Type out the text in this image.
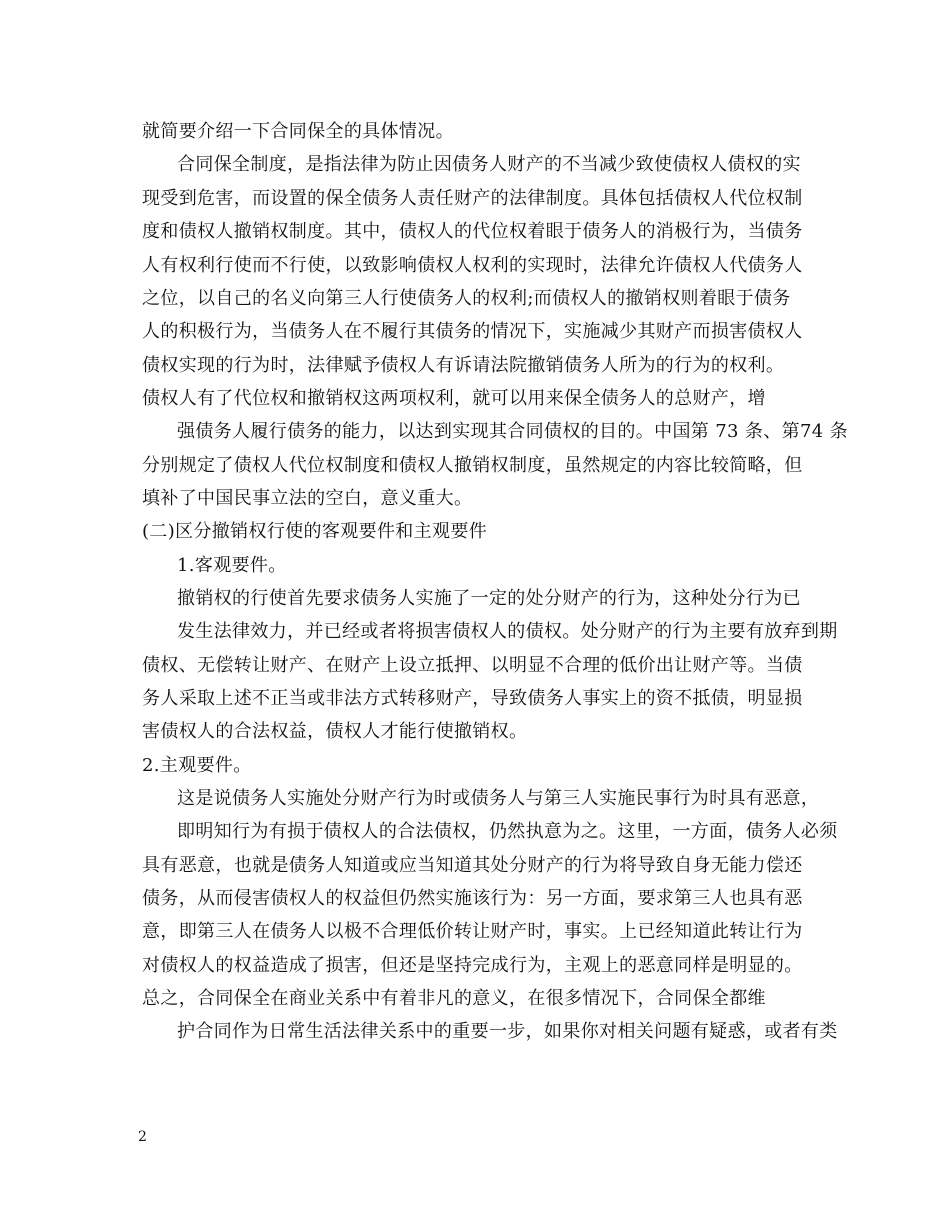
就简要介绍一下合同保全的具体情况。
合同保全制度，是指法律为防止因债务人财产的不当减少致使债权人债权的实
现受到危害，而设置的保全债务人责任财产的法律制度。具体包括债权人代位权制
度和债权人撤销权制度。其中，债权人的代位权着眼于债务人的消极行为，当债务
人有权利行使而不行使，以致影响债权人权利的实现时，法律允许债权人代债务人
之位，以自己的名义向第三人行使债务人的权利;而债权人的撤销权则着眼于债务
人的积极行为，当债务人在不履行其债务的情况下，实施减少其财产而损害债权人
债权实现的行为时，法律赋予债权人有诉请法院撤销债务人所为的行为的权利。
债权人有了代位权和撤销权这两项权利，就可以用来保全债务人的总财产，增
强债务人履行债务的能力，以达到实现其合同债权的目的。中国第 73 条、第74 条
分别规定了债权人代位权制度和债权人撤销权制度，虽然规定的内容比较简略，但
填补了中国民事立法的空白，意义重大。
(二)区分撤销权行使的客观要件和主观要件
1.客观要件。
撤销权的行使首先要求债务人实施了一定的处分财产的行为，这种处分行为已
发生法律效力，并已经或者将损害债权人的债权。处分财产的行为主要有放弃到期
债权、无偿转让财产、在财产上设立抵押、以明显不合理的低价出让财产等。当债
务人采取上述不正当或非法方式转移财产，导致债务人事实上的资不抵债，明显损
害债权人的合法权益，债权人才能行使撤销权。
2.主观要件。
这是说债务人实施处分财产行为时或债务人与第三人实施民事行为时具有恶意，
即明知行为有损于债权人的合法债权，仍然执意为之。这里，一方面，债务人必须
具有恶意，也就是债务人知道或应当知道其处分财产的行为将导致自身无能力偿还
债务，从而侵害债权人的权益但仍然实施该行为：另一方面，要求第三人也具有恶
意，即第三人在债务人以极不合理低价转让财产时，事实。上已经知道此转让行为
对债权人的权益造成了损害，但还是坚持完成行为，主观上的恶意同样是明显的。
总之，合同保全在商业关系中有着非凡的意义，在很多情况下，合同保全都维
护合同作为日常生活法律关系中的重要一步，如果你对相关问题有疑惑，或者有类
2
